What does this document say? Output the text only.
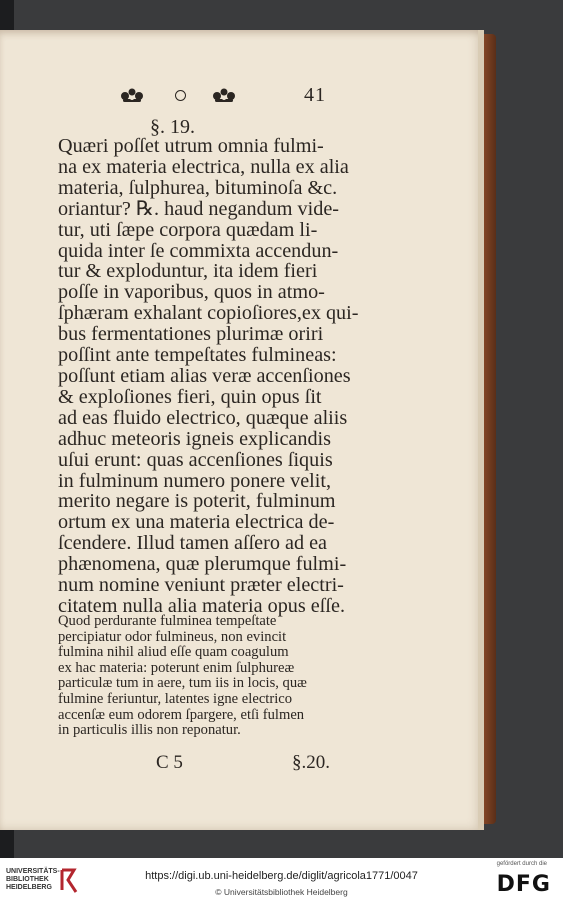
41
§. 19.
Quæri poſſet utrum omnia fulmi-
na ex materia electrica, nulla ex alia
materia, ſulphurea, bituminoſa &c.
oriantur? ℞. haud negandum vide-
tur, uti ſæpe corpora quædam li-
quida inter ſe commixta accendun-
tur & exploduntur, ita idem fieri
poſſe in vaporibus, quos in atmo-
ſphæram exhalant copioſiores,ex qui-
bus fermentationes plurimæ oriri
poſſint ante tempeſtates fulmineas:
poſſunt etiam alias veræ accenſiones
& exploſiones fieri, quin opus ſit
ad eas fluido electrico, quæque aliis
adhuc meteoris igneis explicandis
uſui erunt: quas accenſiones ſiquis
in fulminum numero ponere velit,
merito negare is poterit, fulminum
ortum ex una materia electrica de-
ſcendere. Illud tamen aſſero ad ea
phænomena, quæ plerumque fulmi-
num nomine veniunt præter electri-
citatem nulla alia materia opus eſſe.
Quod perdurante fulminea tempeſtate
percipiatur odor fulmineus, non evincit
fulmina nihil aliud eſſe quam coagulum
ex hac materia: poterunt enim ſulphureæ
particulæ tum in aere, tum iis in locis, quæ
fulmine feriuntur, latentes igne electrico
accenſæ eum odorem ſpargere, etſi fulmen
in particulis illis non reponatur.
C 5	§.20.
UNIVERSITÄTS-
BIBLIOTHEK
HEIDELBERG
https://digi.ub.uni-heidelberg.de/diglit/agricola1771/0047
© Universitätsbibliothek Heidelberg
gefördert durch die
DFG
